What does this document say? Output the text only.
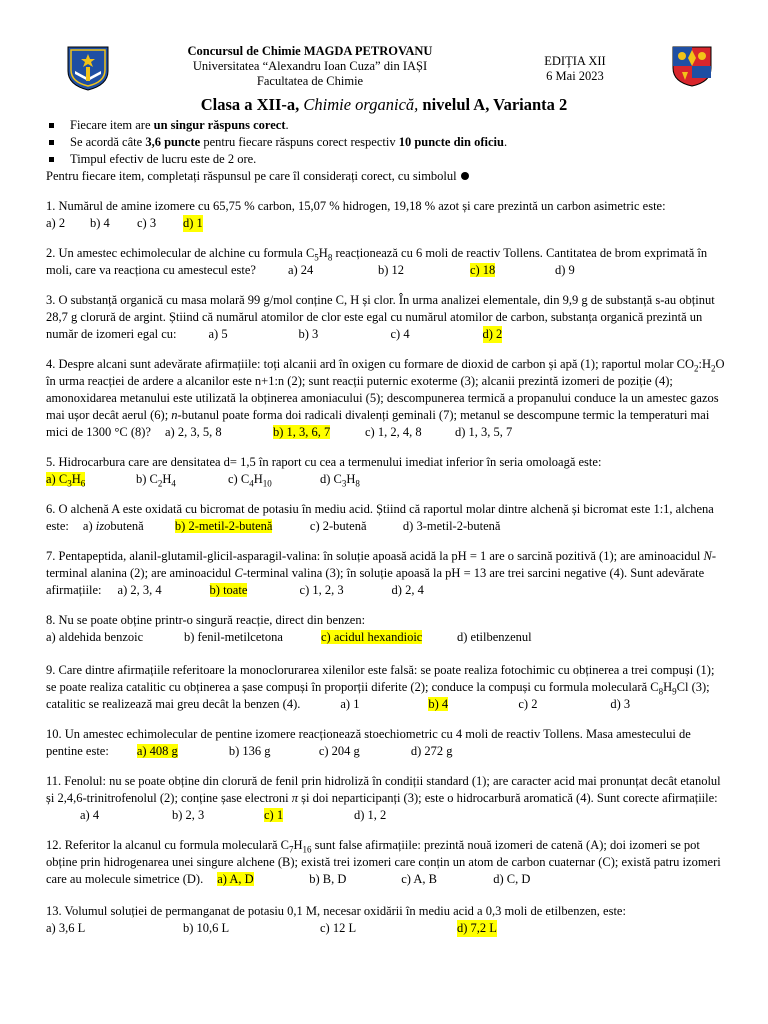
Concursul de Chimie MAGDA PETROVANU
Universitatea “Alexandru Ioan Cuza” din IAȘI
Facultatea de Chimie
EDIȚIA XII
6 Mai 2023
Clasa a XII-a, Chimie organică, nivelul A, Varianta 2
Fiecare item are un singur răspuns corect.
Se acordă câte 3,6 puncte pentru fiecare răspuns corect respectiv 10 puncte din oficiu.
Timpul efectiv de lucru este de 2 ore.
Pentru fiecare item, completați răspunsul pe care îl considerați corect, cu simbolul
1. Numărul de amine izomere cu 65,75 % carbon, 15,07 % hidrogen, 19,18 % azot și care prezintă un carbon asimetric este:
a) 2 b) 4 c) 3 d) 1
2. Un amestec echimolecular de alchine cu formula $C_5H_8$ reacționează cu 6 moli de reactiv Tollens. Cantitatea de brom exprimată în moli, care va reacționa cu amestecul este?	a) 24	b) 12	c) 18	d) 9
3. O substanță organică cu masa molară 99 g/mol conține C, H și clor. În urma analizei elementale, din 9,9 g de substanță s-au obținut 28,7 g clorură de argint. Știind că numărul atomilor de clor este egal cu numărul atomilor de carbon, substanța organică prezintă un număr de izomeri egal cu:	a) 5	b) 3	c) 4	d) 2
4. Despre alcani sunt adevărate afirmațiile: toți alcanii ard în oxigen cu formare de dioxid de carbon și apă (1); raportul molar $CO_2:H_2O$ în urma reacției de ardere a alcanilor este n+1:n (2); sunt reacții puternic exoterme (3); alcanii prezintă izomeri de poziție (4); amonoxidarea metanului este utilizată la obținerea amoniacului (5); descompunerea termică a propanului conduce la un amestec gazos mai ușor decât aerul (6); n-butanul poate forma doi radicali divalenți geminali (7); metanul se descompune termic la temperaturi mai mici de 1300 °C (8)? a) 2, 3, 5, 8	b) 1, 3, 6, 7	c) 1, 2, 4, 8	d) 1, 3, 5, 7
5. Hidrocarbura care are densitatea d= 1,5 în raport cu cea a termenului imediat inferior în seria omoloagă este:
a) $C_3H_6$	b) $C_2H_4$	c) $C_4H_{10}$	d) $C_3H_8$
6. O alchenă A este oxidată cu bicromat de potasiu în mediu acid. Știind că raportul molar dintre alchenă și bicromat este 1:1, alchena este: a) izobutenă b) 2-metil-2-butenă	c) 2-butenă	d) 3-metil-2-butenă
7. Pentapeptida, alanil-glutamil-glicil-asparagil-valina: în soluție apoasă acidă la pH = 1 are o sarcină pozitivă (1); are aminoacidul N-terminal alanina (2); are aminoacidul C-terminal valina (3); în soluție apoasă la pH = 13 are trei sarcini negative (4). Sunt adevărate afirmațiile: a) 2, 3, 4	b) toate	c) 1, 2, 3	d) 2, 4
8. Nu se poate obține printr-o singură reacție, direct din benzen:
a) aldehida benzoic	b) fenil-metilcetona	c) acidul hexandioic	d) etilbenzenul
9. Care dintre afirmațiile referitoare la monoclorurarea xilenilor este falsă: se poate realiza fotochimic cu obținerea a trei compuși (1); se poate realiza catalitic cu obținerea a șase compuși în proporții diferite (2); conduce la compuși cu formula moleculară $C_8H_9Cl$ (3); catalitic se realizează mai greu decât la benzen (4).	a) 1	b) 4	c) 2	d) 3
10. Un amestec echimolecular de pentine izomere reacționează stoechiometric cu 4 moli de reactiv Tollens. Masa amestecului de pentine este: a) 408 g	b) 136 g	c) 204 g	d) 272 g
11. Fenolul: nu se poate obține din clorură de fenil prin hidroliză în condiții standard (1); are caracter acid mai pronunțat decât etanolul și 2,4,6-trinitrofenolul (2); conține șase electroni π și doi neparticipanți (3); este o hidrocarbură aromatică (4). Sunt corecte afirmațiile:a) 4	b) 2, 3	c) 1	d) 1, 2
12. Referitor la alcanul cu formula moleculară $C_7H_{16}$ sunt false afirmațiile: prezintă nouă izomeri de catenă (A); doi izomeri se pot obține prin hidrogenarea unei singure alchene (B); există trei izomeri care conțin un atom de carbon cuaternar (C); există patru izomeri care au molecule simetrice (D). a) A, D	b) B, D	c) A, B	d) C, D
13. Volumul soluției de permanganat de potasiu 0,1 M, necesar oxidării în mediu acid a 0,3 moli de etilbenzen, este:
a) 3,6 L	b) 10,6 L	c) 12 L	d) 7,2 L
